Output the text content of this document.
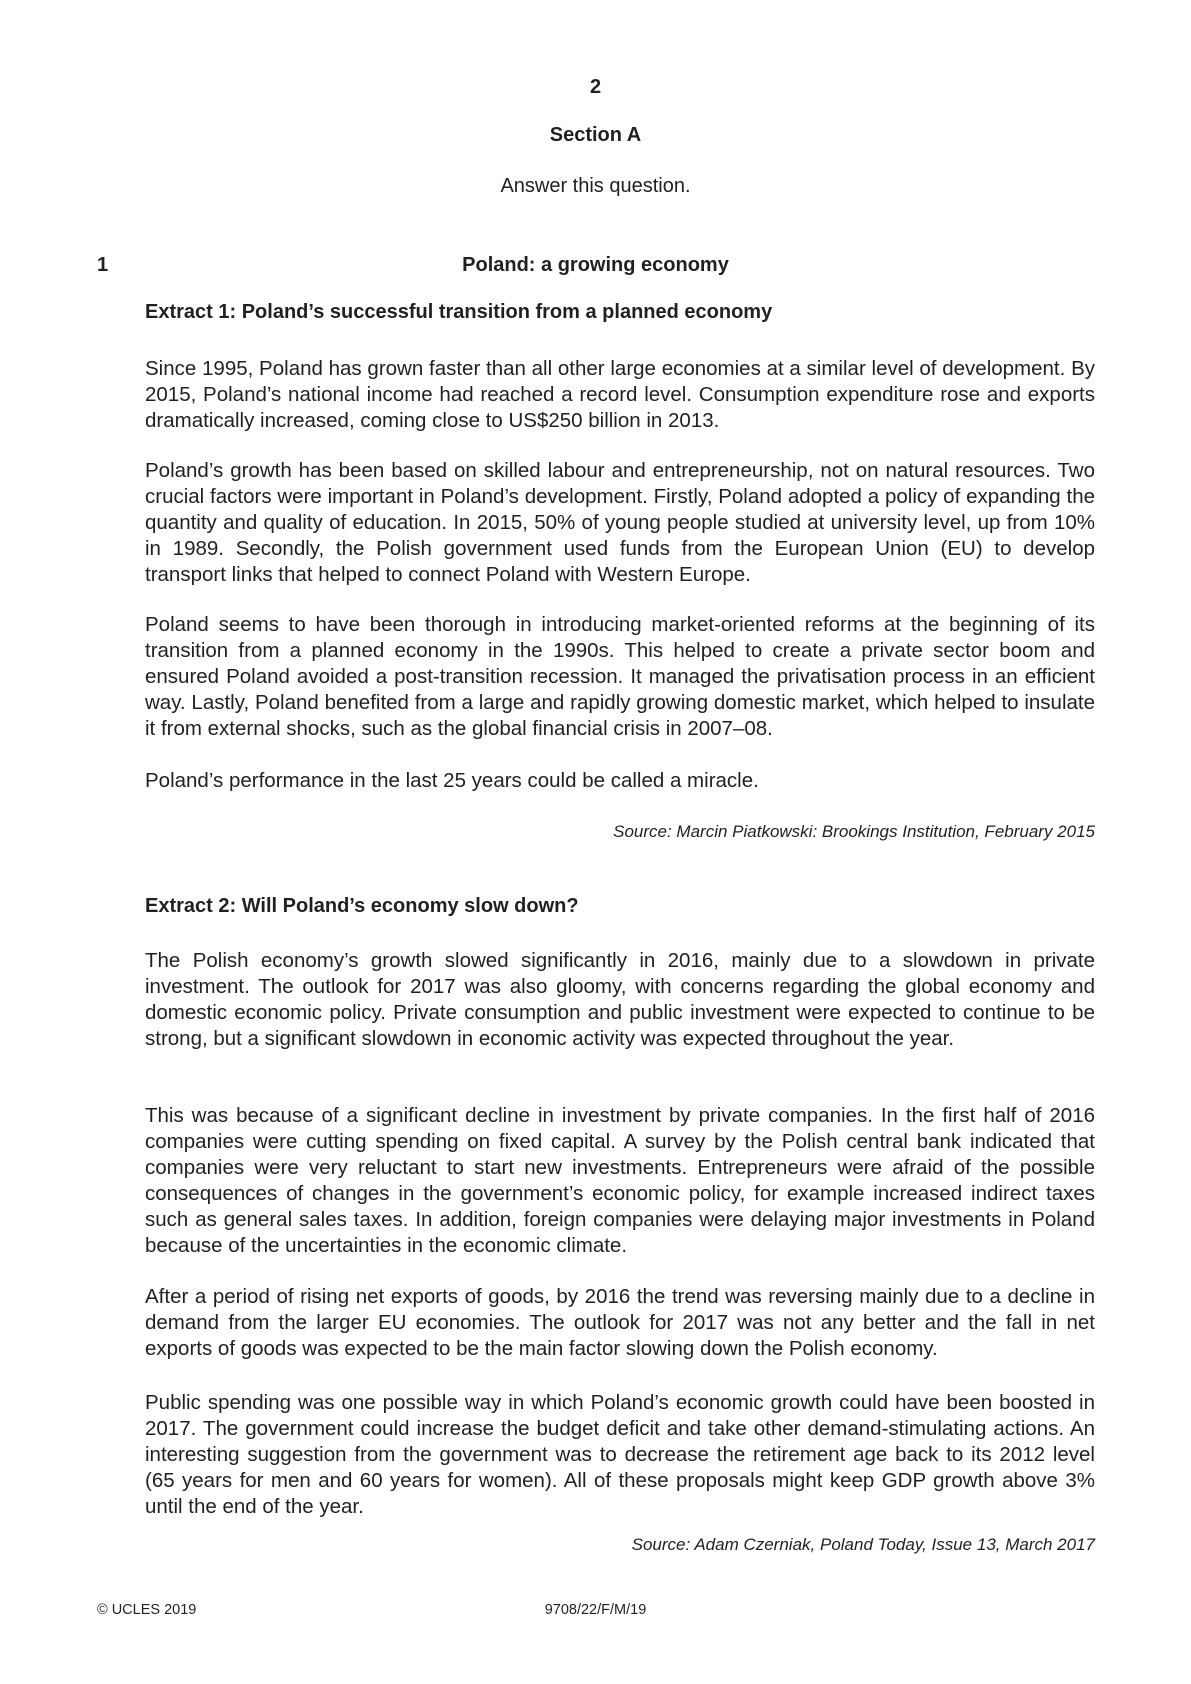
2
Section A
Answer this question.
Poland: a growing economy
1

Extract 1: Poland’s successful transition from a planned economy

Since 1995, Poland has grown faster than all other large economies at a similar level of development. By 2015, Poland’s national income had reached a record level. Consumption expenditure rose and exports dramatically increased, coming close to US$250 billion in 2013.

Poland’s growth has been based on skilled labour and entrepreneurship, not on natural resources. Two crucial factors were important in Poland’s development. Firstly, Poland adopted a policy of expanding the quantity and quality of education. In 2015, 50% of young people studied at university level, up from 10% in 1989. Secondly, the Polish government used funds from the European Union (EU) to develop transport links that helped to connect Poland with Western Europe.

Poland seems to have been thorough in introducing market-oriented reforms at the beginning of its transition from a planned economy in the 1990s. This helped to create a private sector boom and ensured Poland avoided a post-transition recession. It managed the privatisation process in an efficient way. Lastly, Poland benefited from a large and rapidly growing domestic market, which helped to insulate it from external shocks, such as the global financial crisis in 2007–08.

Poland’s performance in the last 25 years could be called a miracle.

Source: Marcin Piatkowski: Brookings Institution, February 2015

Extract 2: Will Poland’s economy slow down?

The Polish economy’s growth slowed significantly in 2016, mainly due to a slowdown in private investment. The outlook for 2017 was also gloomy, with concerns regarding the global economy and domestic economic policy. Private consumption and public investment were expected to continue to be strong, but a significant slowdown in economic activity was expected throughout the year.

This was because of a significant decline in investment by private companies. In the first half of 2016 companies were cutting spending on fixed capital. A survey by the Polish central bank indicated that companies were very reluctant to start new investments. Entrepreneurs were afraid of the possible consequences of changes in the government’s economic policy, for example increased indirect taxes such as general sales taxes. In addition, foreign companies were delaying major investments in Poland because of the uncertainties in the economic climate.

After a period of rising net exports of goods, by 2016 the trend was reversing mainly due to a decline in demand from the larger EU economies. The outlook for 2017 was not any better and the fall in net exports of goods was expected to be the main factor slowing down the Polish economy.

Public spending was one possible way in which Poland’s economic growth could have been boosted in 2017. The government could increase the budget deficit and take other demand-stimulating actions. An interesting suggestion from the government was to decrease the retirement age back to its 2012 level (65 years for men and 60 years for women). All of these proposals might keep GDP growth above 3% until the end of the year.

Source: Adam Czerniak, Poland Today, Issue 13, March 2017

© UCLES 2019	9708/22/F/M/19
